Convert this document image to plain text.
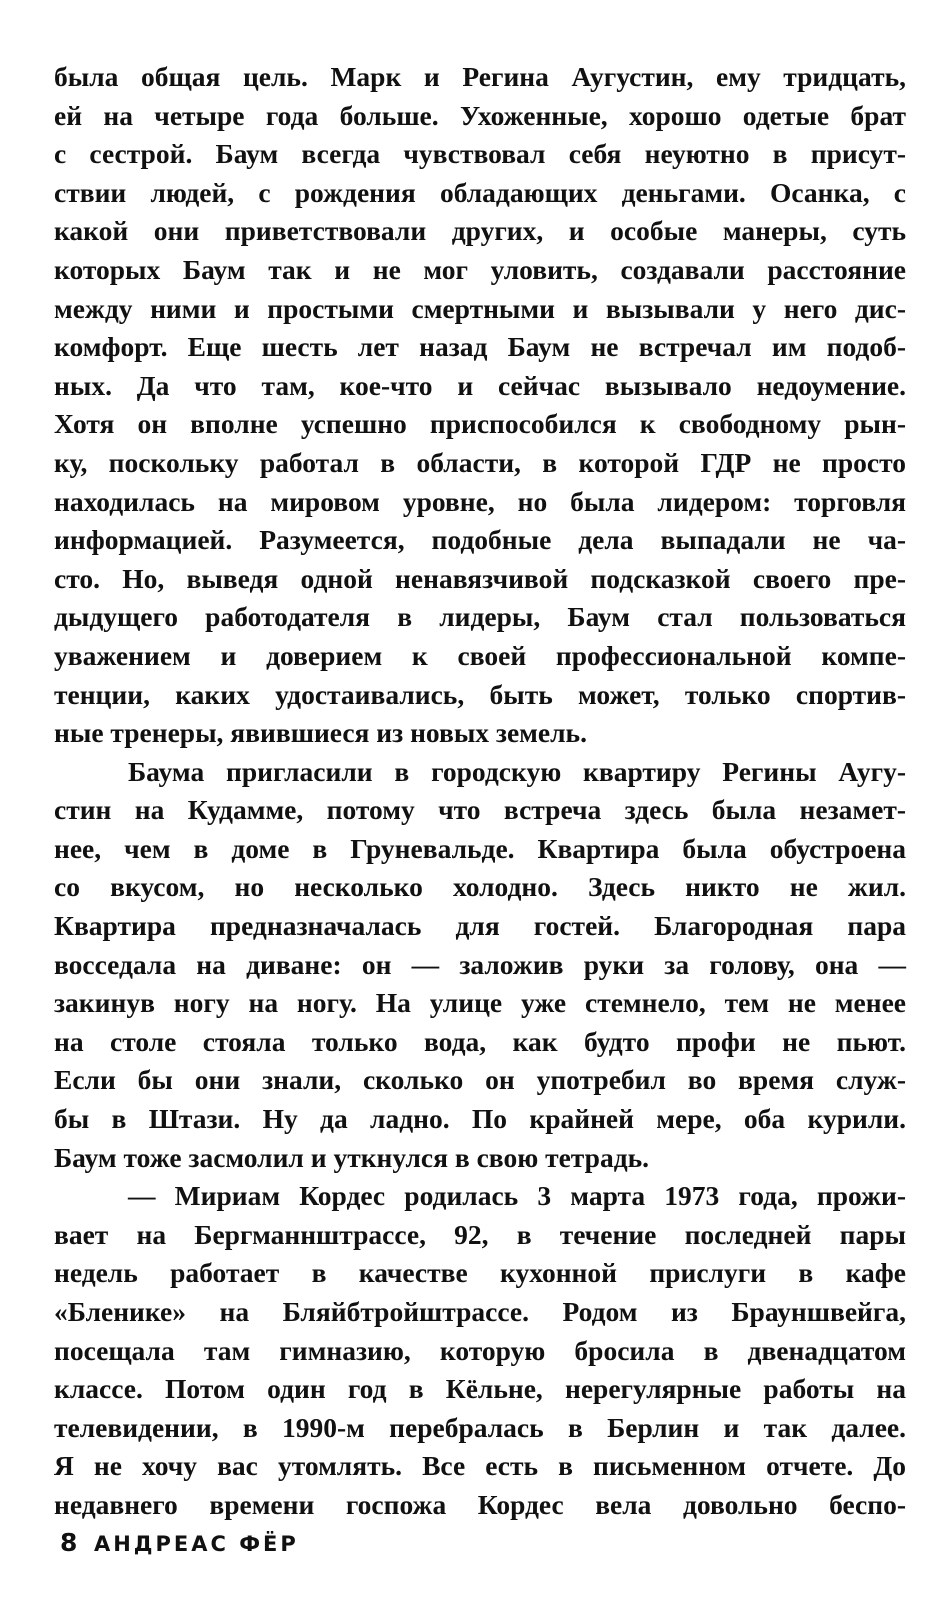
была общая цель. Марк и Регина Аугустин, ему тридцать,
ей на четыре года больше. Ухоженные, хорошо одетые брат
с сестрой. Баум всегда чувствовал себя неуютно в присут-
ствии людей, с рождения обладающих деньгами. Осанка, с
какой они приветствовали других, и особые манеры, суть
которых Баум так и не мог уловить, создавали расстояние
между ними и простыми смертными и вызывали у него дис-
комфорт. Еще шесть лет назад Баум не встречал им подоб-
ных. Да что там, кое-что и сейчас вызывало недоумение.
Хотя он вполне успешно приспособился к свободному рын-
ку, поскольку работал в области, в которой ГДР не просто
находилась на мировом уровне, но была лидером: торговля
информацией. Разумеется, подобные дела выпадали не ча-
сто. Но, выведя одной ненавязчивой подсказкой своего пре-
дыдущего работодателя в лидеры, Баум стал пользоваться
уважением и доверием к своей профессиональной компе-
тенции, каких удостаивались, быть может, только спортив-
ные тренеры, явившиеся из новых земель.
Баума пригласили в городскую квартиру Регины Аугу-
стин на Кудамме, потому что встреча здесь была незамет-
нее, чем в доме в Груневальде. Квартира была обустроена
со вкусом, но несколько холодно. Здесь никто не жил.
Квартира предназначалась для гостей. Благородная пара
восседала на диване: он — заложив руки за голову, она —
закинув ногу на ногу. На улице уже стемнело, тем не менее
на столе стояла только вода, как будто профи не пьют.
Если бы они знали, сколько он употребил во время служ-
бы в Штази. Ну да ладно. По крайней мере, оба курили.
Баум тоже засмолил и уткнулся в свою тетрадь.
— Мириам Кордес родилась 3 марта 1973 года, прожи-
вает на Бергманнштрассе, 92, в течение последней пары
недель работает в качестве кухонной прислуги в кафе
«Бленике» на Бляйбтройштрассе. Родом из Брауншвейга,
посещала там гимназию, которую бросила в двенадцатом
классе. Потом один год в Кёльне, нерегулярные работы на
телевидении, в 1990-м перебралась в Берлин и так далее.
Я не хочу вас утомлять. Все есть в письменном отчете. До
недавнего времени госпожа Кордес вела довольно беспо-
8 АНДРЕАС ФЁР
